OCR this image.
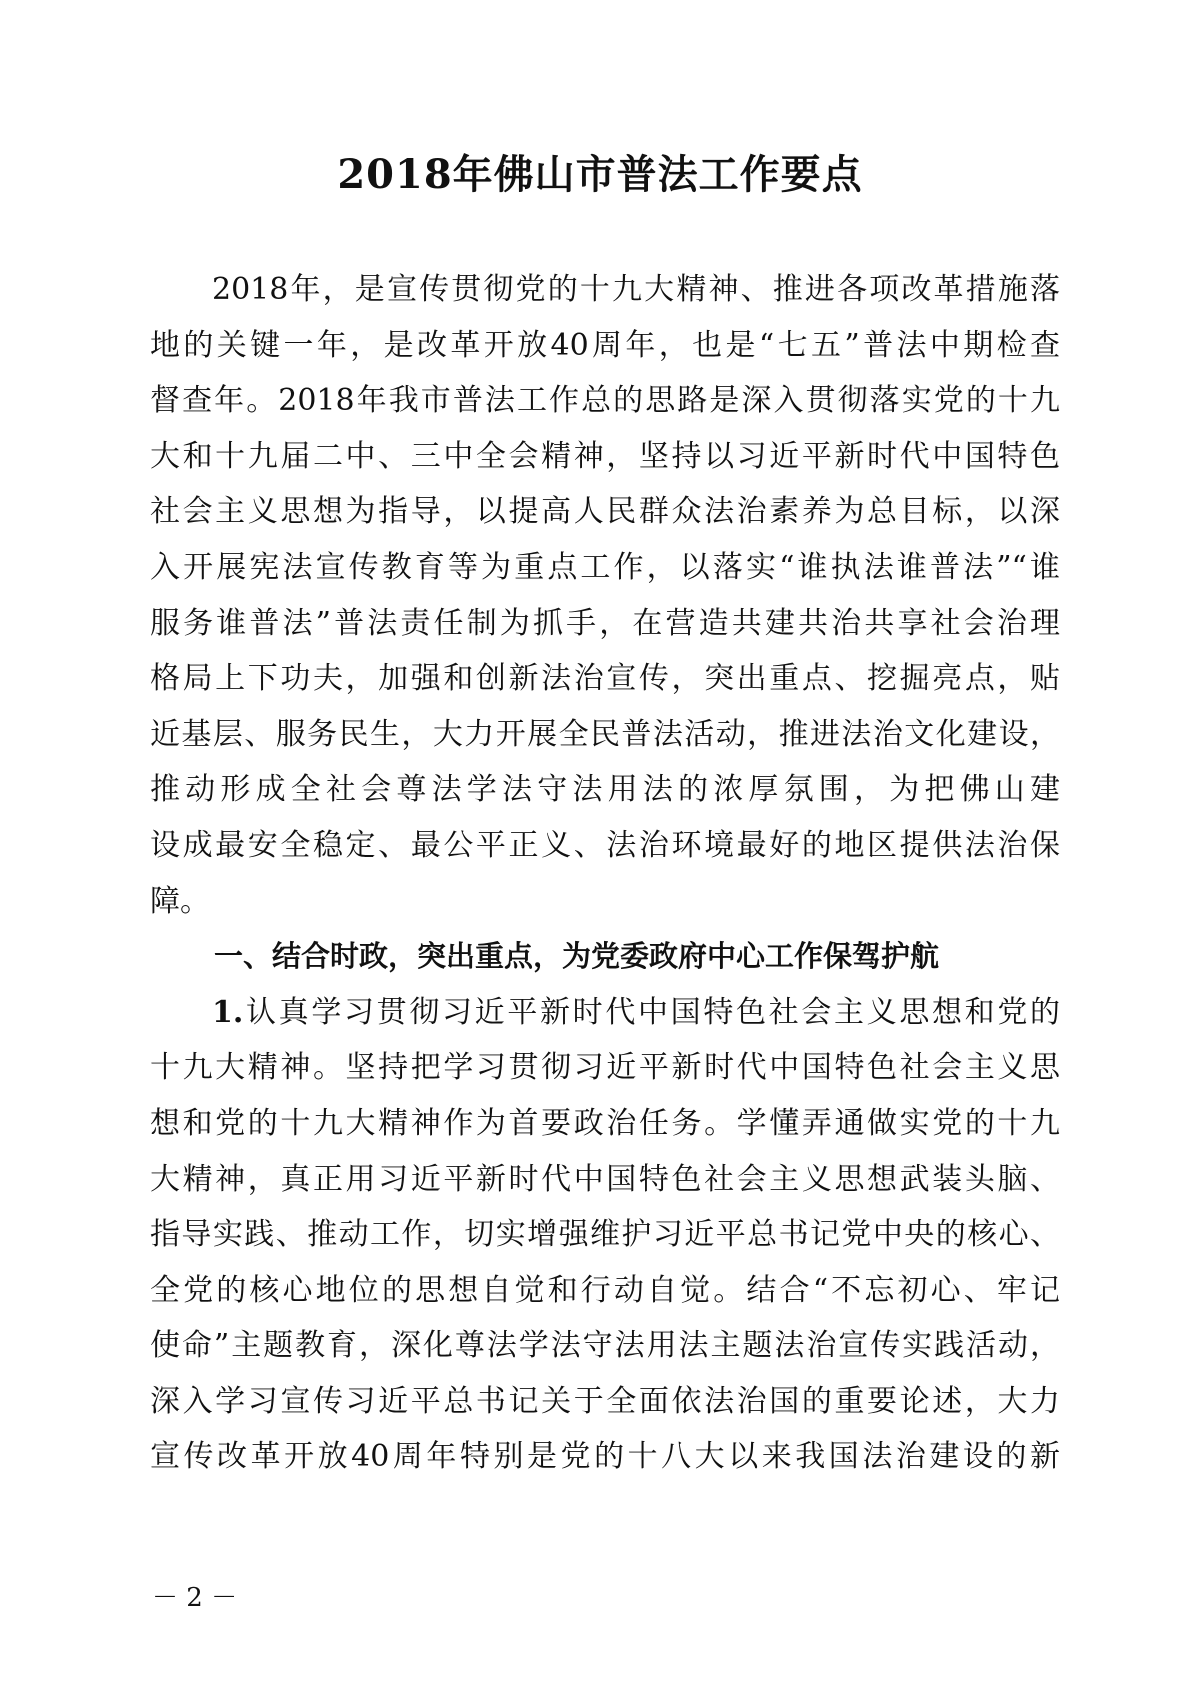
2018年佛山市普法工作要点
2018年，是宣传贯彻党的十九大精神、推进各项改革措施落
地的关键一年，是改革开放40周年，也是“七五”普法中期检查
督查年。2018年我市普法工作总的思路是深入贯彻落实党的十九
大和十九届二中、三中全会精神，坚持以习近平新时代中国特色
社会主义思想为指导，以提高人民群众法治素养为总目标，以深
入开展宪法宣传教育等为重点工作，以落实“谁执法谁普法”“谁
服务谁普法”普法责任制为抓手，在营造共建共治共享社会治理
格局上下功夫，加强和创新法治宣传，突出重点、挖掘亮点，贴
近基层、服务民生，大力开展全民普法活动，推进法治文化建设，
推动形成全社会尊法学法守法用法的浓厚氛围，为把佛山建
设成最安全稳定、最公平正义、法治环境最好的地区提供法治保
障。
一、结合时政，突出重点，为党委政府中心工作保驾护航
1.认真学习贯彻习近平新时代中国特色社会主义思想和党的
十九大精神。坚持把学习贯彻习近平新时代中国特色社会主义思
想和党的十九大精神作为首要政治任务。学懂弄通做实党的十九
大精神，真正用习近平新时代中国特色社会主义思想武装头脑、
指导实践、推动工作，切实增强维护习近平总书记党中央的核心、
全党的核心地位的思想自觉和行动自觉。结合“不忘初心、牢记
使命”主题教育，深化尊法学法守法用法主题法治宣传实践活动，
深入学习宣传习近平总书记关于全面依法治国的重要论述，大力
宣传改革开放40周年特别是党的十八大以来我国法治建设的新
－ 2 －
